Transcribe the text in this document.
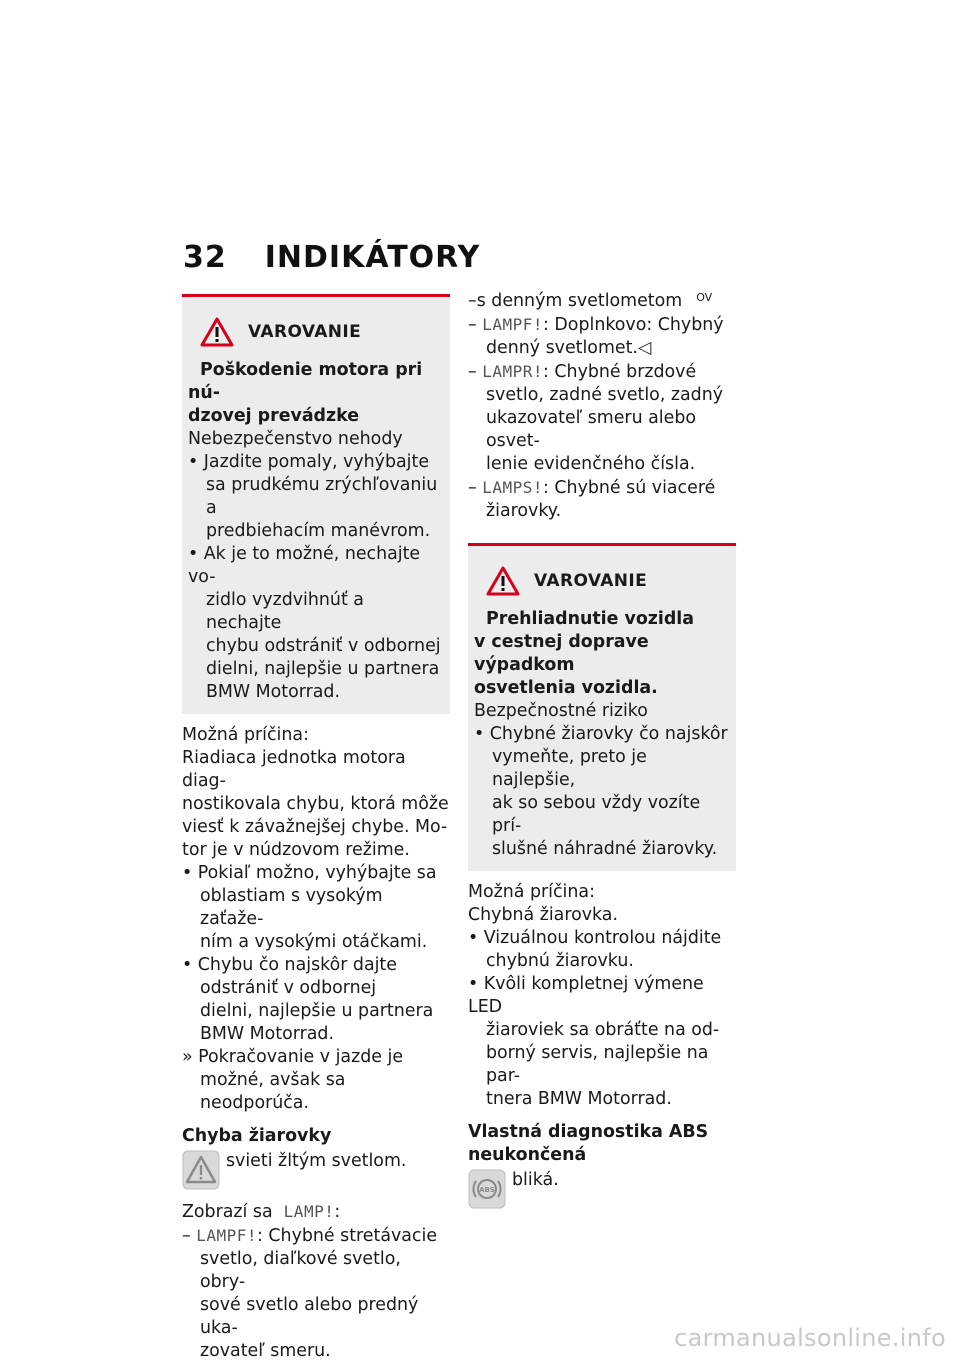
32 INDIKÁTORY
VAROVANIE

Poškodenie motora pri nú-

dzovej prevádzke

Nebezpečenstvo nehody

• Jazdite pomaly, vyhýbajte

sa prudkému zrýchľovaniu a

predbiehacím manévrom.

• Ak je to možné, nechajte vo-

zidlo vyzdvihnúť a nechajte

chybu odstrániť v odbornej

dielni, najlepšie u partnera

BMW Motorrad.

Možná príčina:

Riadiaca jednotka motora diag-

nostikovala chybu, ktorá môže

viesť k závažnejšej chybe. Mo-

tor je v núdzovom režime.

• Pokiaľ možno, vyhýbajte sa

oblastiam s vysokým zaťaže-

ním a vysokými otáčkami.

• Chybu čo najskôr dajte

odstrániť v odbornej

dielni, najlepšie u partnera

BMW Motorrad.

» Pokračovanie v jazde je

možné, avšak sa neodporúča.

Chyba žiarovky

svieti žltým svetlom.

Zobrazí sa LAMP!:

– LAMPF!: Chybné stretávacie

svetlo, diaľkové svetlo, obry-

sové svetlo alebo predný uka-

zovateľ smeru.

–s denným svetlometom $^{OV}$

– LAMPF!: Doplnkovo: Chybný

denný svetlomet.◁

– LAMPR!: Chybné brzdové

svetlo, zadné svetlo, zadný

ukazovateľ smeru alebo osvet-

lenie evidenčného čísla.

– LAMPS!: Chybné sú viaceré

žiarovky.

VAROVANIE

Prehliadnutie vozidla

v cestnej doprave výpadkom

osvetlenia vozidla.

Bezpečnostné riziko

• Chybné žiarovky čo najskôr

vymeňte, preto je najlepšie,

ak so sebou vždy vozíte prí-

slušné náhradné žiarovky.

Možná príčina:

Chybná žiarovka.

• Vizuálnou kontrolou nájdite

chybnú žiarovku.

• Kvôli kompletnej výmene LED

žiaroviek sa obráťte na od-

borný servis, najlepšie na par-

tnera BMW Motorrad.

Vlastná diagnostika ABS

neukončená

ABS bliká.

carmanualsonline.info
